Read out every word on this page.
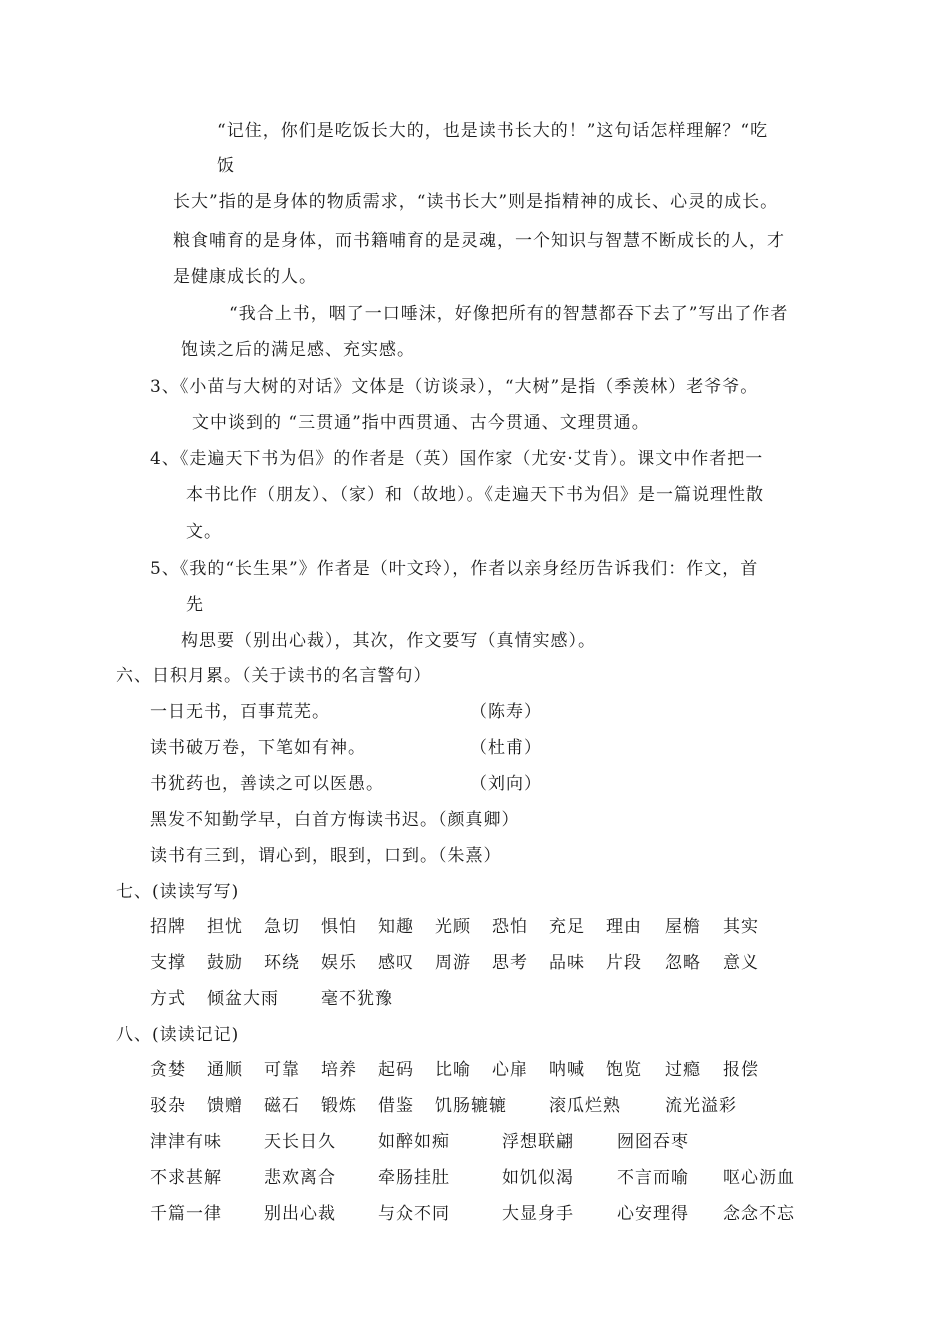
“记住，你们是吃饭长大的，也是读书长大的！”这句话怎样理解？“吃
饭
长大”指的是身体的物质需求，“读书长大”则是指精神的成长、心灵的成长。
粮食哺育的是身体，而书籍哺育的是灵魂，一个知识与智慧不断成长的人，才
是健康成长的人。
“我合上书，咽了一口唾沫，好像把所有的智慧都吞下去了”写出了作者
饱读之后的满足感、充实感。
3、《小苗与大树的对话》文体是（访谈录），“大树”是指（季羡林）老爷爷。
文中谈到的 “三贯通”指中西贯通、古今贯通、文理贯通。
4、《走遍天下书为侣》的作者是（英）国作家（尤安·艾肯）。课文中作者把一
本书比作（朋友）、（家）和（故地）。《走遍天下书为侣》是一篇说理性散
文。
5、《我的“长生果”》作者是（叶文玲），作者以亲身经历告诉我们：作文，首
先
构思要（别出心裁），其次，作文要写（真情实感）。
六、日积月累。（关于读书的名言警句）
一日无书，百事荒芜。	（陈寿）
读书破万卷，下笔如有神。	（杜甫）
书犹药也，善读之可以医愚。	（刘向）
黑发不知勤学早，白首方悔读书迟。（颜真卿）
读书有三到，谓心到，眼到，口到。（朱熹）
七、(读读写写)
招牌 担忧 急切 惧怕 知趣 光顾 恐怕 充足 理由 屋檐 其实
支撑 鼓励 环绕 娱乐 感叹 周游 思考 品味 片段 忽略 意义
方式 倾盆大雨 毫不犹豫
八、(读读记记)
贪婪 通顺 可靠 培养 起码 比喻 心扉 呐喊 饱览 过瘾 报偿
驳杂 馈赠 磁石 锻炼 借鉴 饥肠辘辘 滚瓜烂熟	流光溢彩
津津有味 天长日久 如醉如痴	浮想联翩	囫囵吞枣
不求甚解 悲欢离合 牵肠挂肚	如饥似渴	不言而喻 呕心沥血
千篇一律 别出心裁 与众不同	大显身手	心安理得 念念不忘
